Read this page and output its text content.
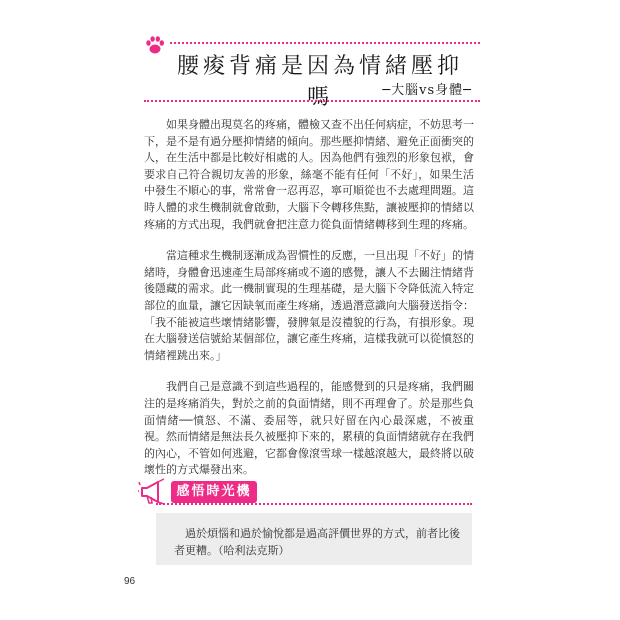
腰痠背痛是因為情緒壓抑嗎	─大腦vs身體─

如果身體出現莫名的疼痛，體檢又查不出任何病症，不妨思考一下，是不是有過分壓抑情緒的傾向。那些壓抑情緒、避免正面衝突的人，在生活中都是比較好相處的人。因為他們有強烈的形象包袱，會要求自己符合親切友善的形象，絲毫不能有任何「不好」，如果生活中發生不順心的事，常常會一忍再忍，寧可順從也不去處理問題。這時人體的求生機制就會啟動，大腦下令轉移焦點，讓被壓抑的情緒以疼痛的方式出現，我們就會把注意力從負面情緒轉移到生理的疼痛。

當這種求生機制逐漸成為習慣性的反應，一旦出現「不好」的情緒時，身體會迅速產生局部疼痛或不適的感覺，讓人不去關注情緒背後隱藏的需求。此一機制實現的生理基礎，是大腦下令降低流入特定部位的血量，讓它因缺氧而產生疼痛，透過潛意識向大腦發送指令：「我不能被這些壞情緒影響，發脾氣是沒禮貌的行為，有損形象。現在大腦發送信號給某個部位，讓它產生疼痛，這樣我就可以從憤怒的情緒裡跳出來。」

我們自己是意識不到這些過程的，能感覺到的只是疼痛，我們關注的是疼痛消失，對於之前的負面情緒，則不再理會了。於是那些負面情緒──憤怒、不滿、委屈等，就只好留在內心最深處，不被重視。然而情緒是無法長久被壓抑下來的，累積的負面情緒就存在我們的內心，不管如何逃避，它都會像滾雪球一樣越滾越大，最終將以破壞性的方式爆發出來。

感悟時光機

過於煩惱和過於愉悅都是過高評價世界的方式，前者比後者更糟。（哈利法克斯）

96
